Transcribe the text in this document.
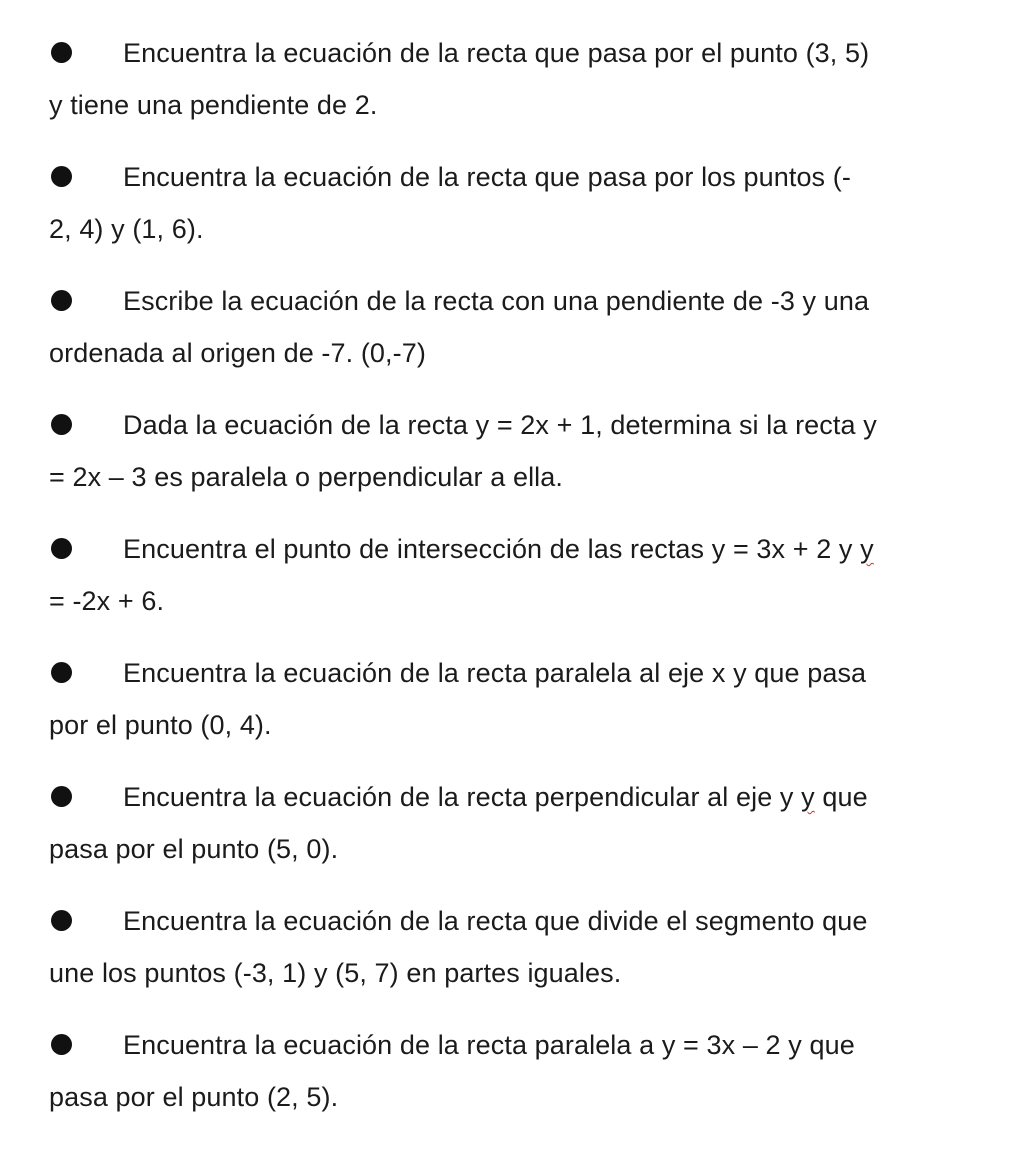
Encuentra la ecuación de la recta que pasa por el punto (3, 5)
y tiene una pendiente de 2.
Encuentra la ecuación de la recta que pasa por los puntos (-
2, 4) y (1, 6).
Escribe la ecuación de la recta con una pendiente de -3 y una
ordenada al origen de -7. (0,-7)
Dada la ecuación de la recta y = 2x + 1, determina si la recta y
= 2x – 3 es paralela o perpendicular a ella.
Encuentra el punto de intersección de las rectas y = 3x + 2 y y
= -2x + 6.
Encuentra la ecuación de la recta paralela al eje x y que pasa
por el punto (0, 4).
Encuentra la ecuación de la recta perpendicular al eje y y que
pasa por el punto (5, 0).
Encuentra la ecuación de la recta que divide el segmento que
une los puntos (-3, 1) y (5, 7) en partes iguales.
Encuentra la ecuación de la recta paralela a y = 3x – 2 y que
pasa por el punto (2, 5).
